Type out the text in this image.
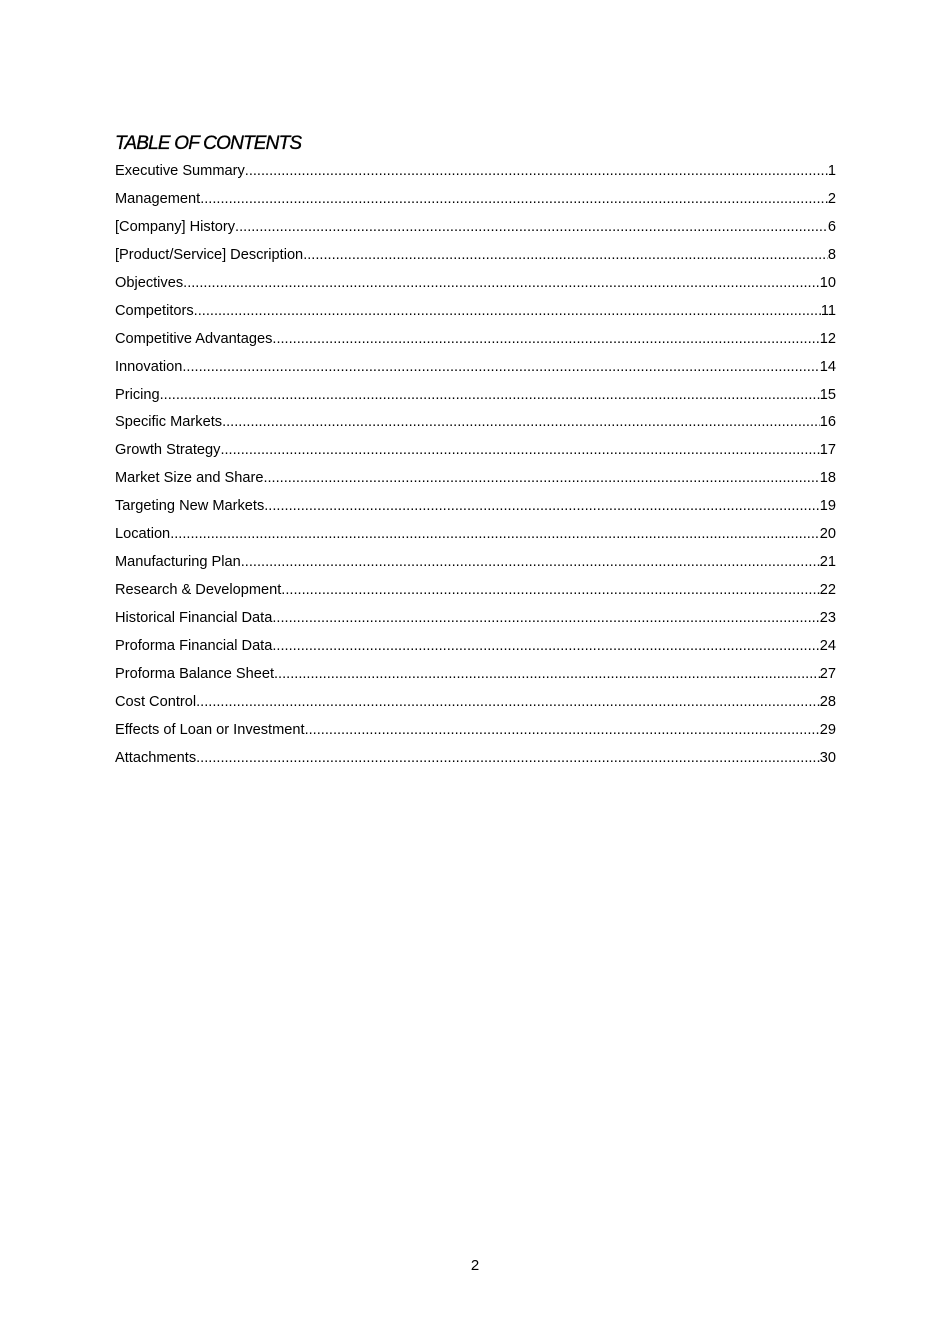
TABLE OF CONTENTS
Executive Summary .....	1
Management .....	2
[Company] History .....	6
[Product/Service] Description .....	8
Objectives .....	10
Competitors .....	11
Competitive Advantages .....	12
Innovation .....	14
Pricing .....	15
Specific Markets .....	16
Growth Strategy .....	17
Market Size and Share .....	18
Targeting New Markets .....	19
Location .....	20
Manufacturing Plan .....	21
Research & Development .....	22
Historical Financial Data .....	23
Proforma Financial Data .....	24
Proforma Balance Sheet .....	27
Cost Control .....	28
Effects of Loan or Investment .....	29
Attachments .....	30
2
